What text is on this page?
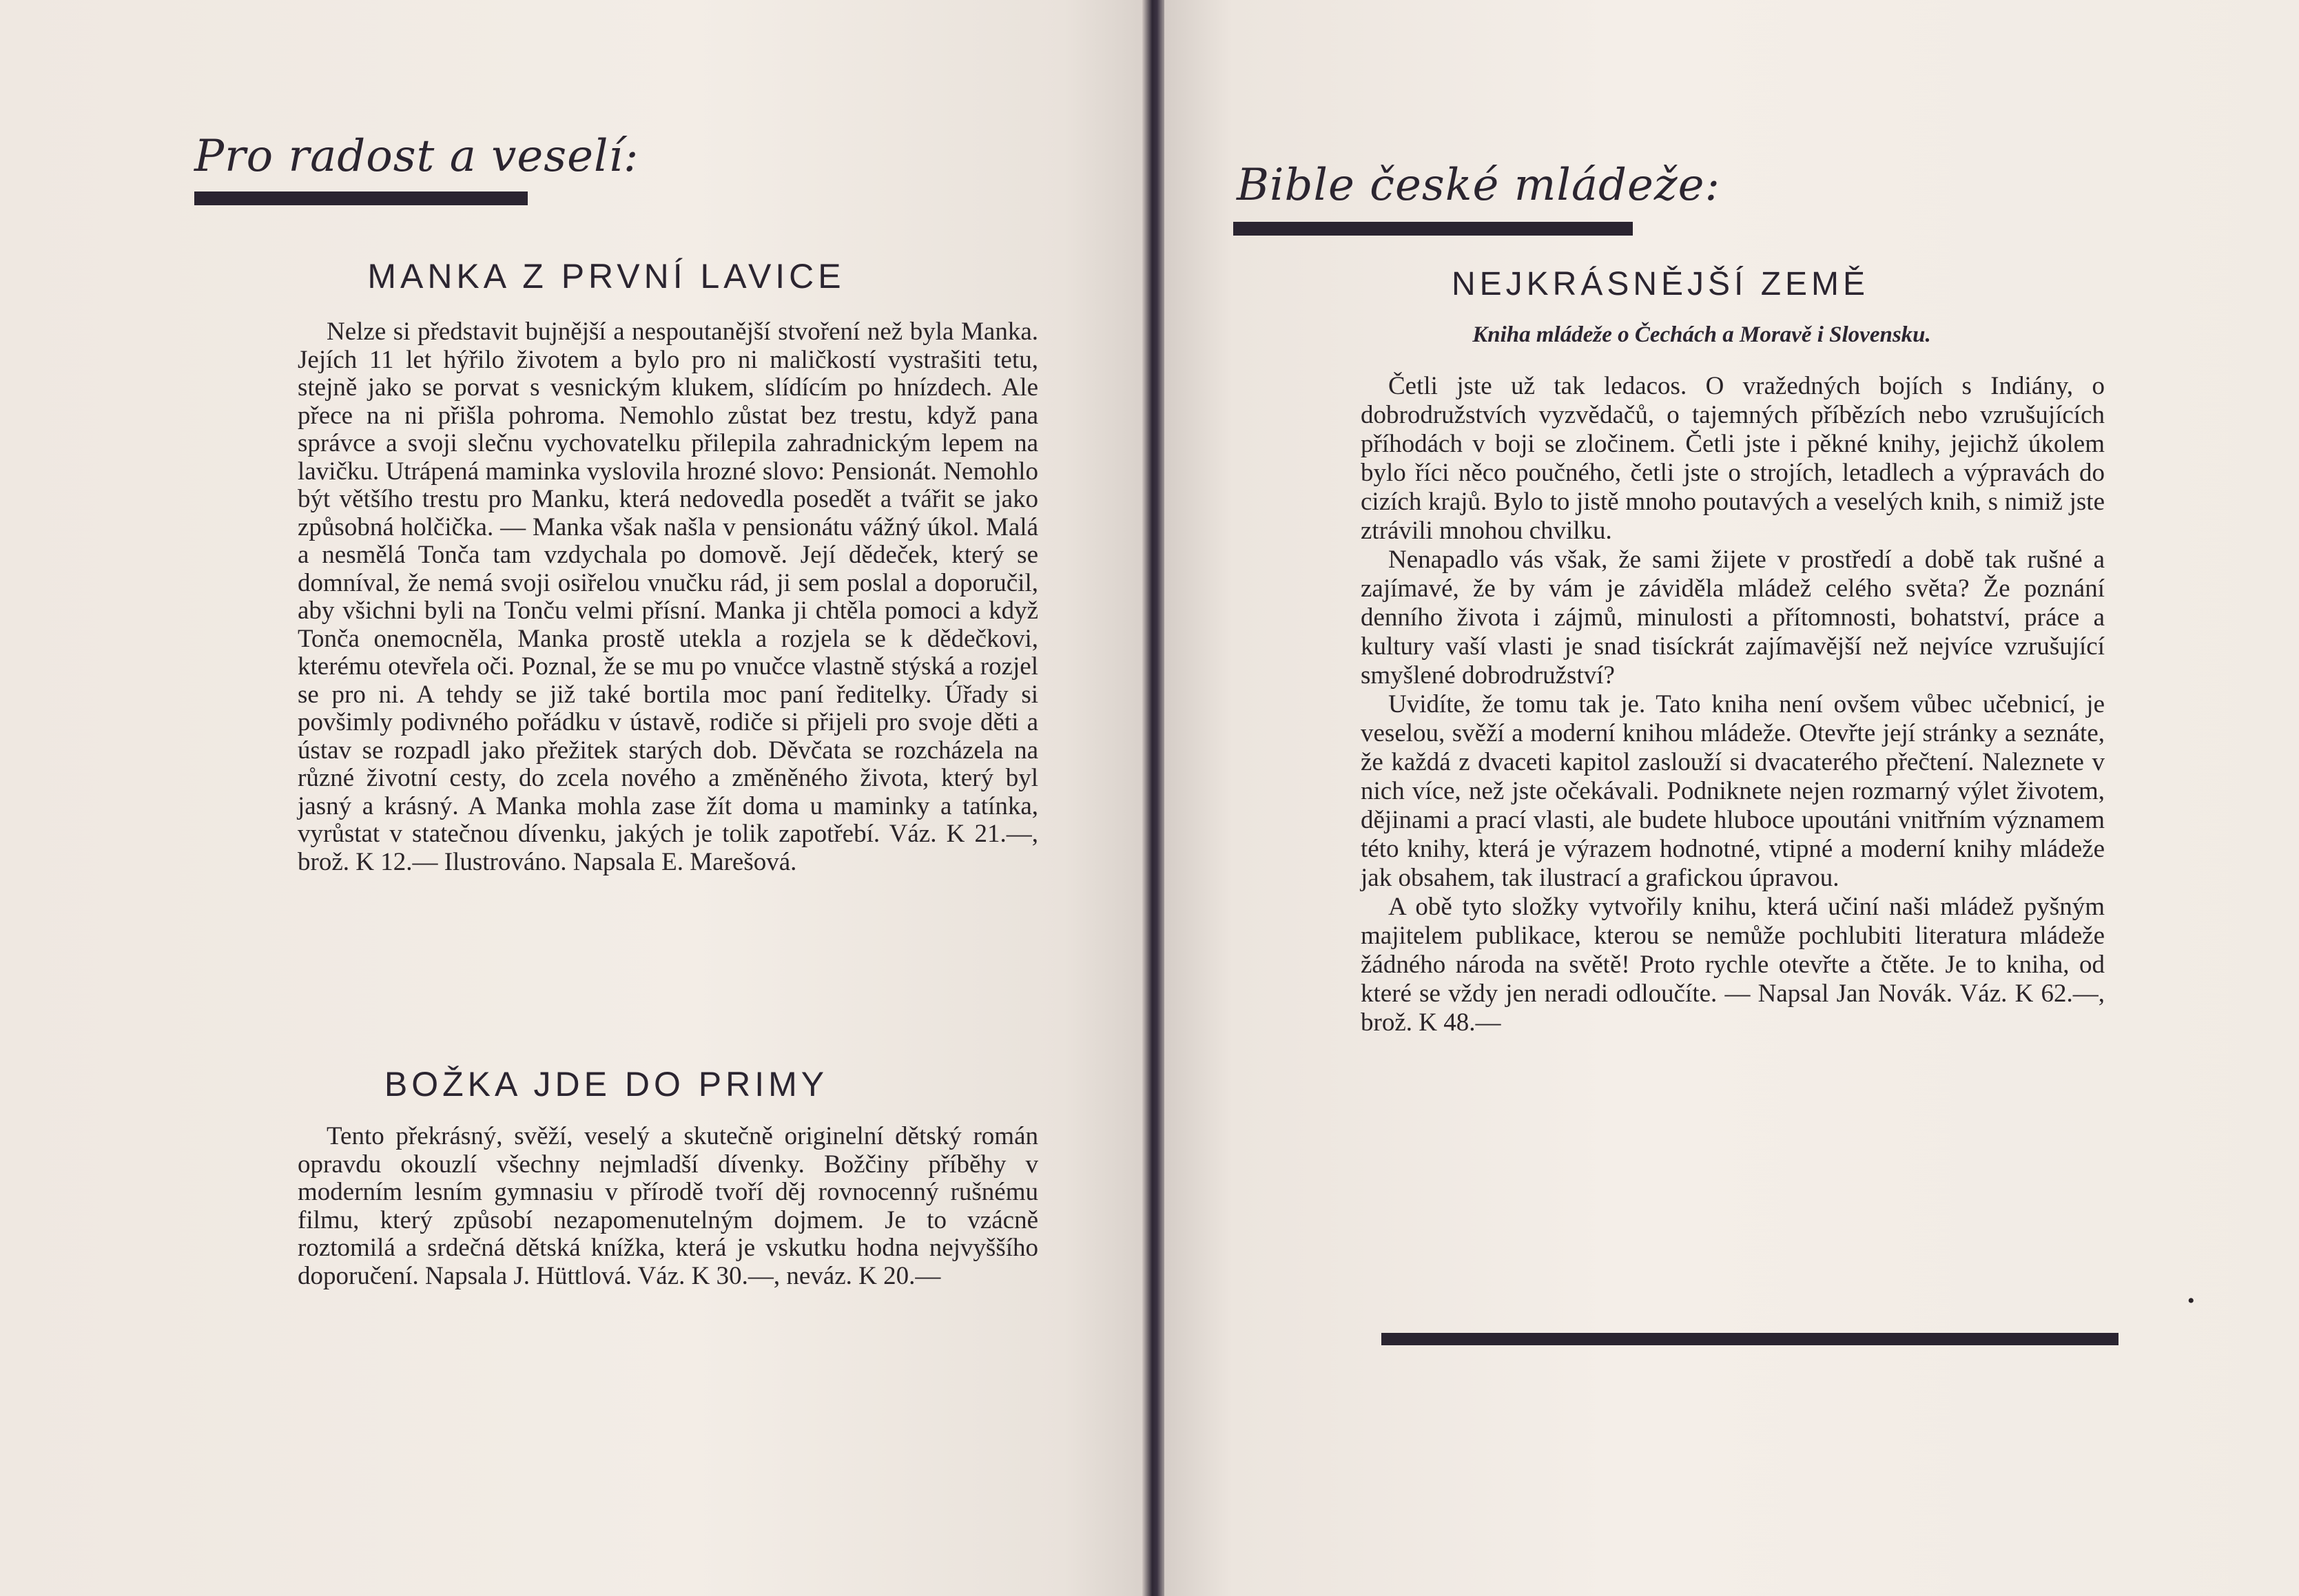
Pro radost a veselí:
MANKA Z PRVNÍ LAVICE
Nelze si představit bujnější a nespoutanější stvoření než byla Manka. Jejích 11 let hýřilo životem a bylo pro ni maličkostí vystrašiti tetu, stejně jako se porvat s vesnickým klukem, slídícím po hnízdech. Ale přece na ni přišla pohroma. Nemohlo zůstat bez trestu, když pana správce a svoji slečnu vychovatelku přilepila zahradnickým lepem na lavičku. Utrápená maminka vyslovila hrozné slovo: Pensionát. Nemohlo být většího trestu pro Manku, která nedovedla posedět a tvářit se jako způsobná holčička. — Manka však našla v pensionátu vážný úkol. Malá a nesmělá Tonča tam vzdychala po domově. Její dědeček, který se domníval, že nemá svoji osiřelou vnučku rád, ji sem poslal a doporučil, aby všichni byli na Tonču velmi přísní. Manka ji chtěla pomoci a když Tonča onemocněla, Manka prostě utekla a rozjela se k dědečkovi, kterému otevřela oči. Poznal, že se mu po vnučce vlastně stýská a rozjel se pro ni. A tehdy se již také bortila moc paní ředitelky. Úřady si povšimly podivného pořádku v ústavě, rodiče si přijeli pro svoje děti a ústav se rozpadl jako přežitek starých dob. Děvčata se rozcházela na různé životní cesty, do zcela nového a změněného života, který byl jasný a krásný. A Manka mohla zase žít doma u maminky a tatínka, vyrůstat v statečnou dívenku, jakých je tolik zapotřebí. Váz. K 21.—, brož. K 12.— Ilustrováno. Napsala E. Marešová.
BOŽKA JDE DO PRIMY
Tento překrásný, svěží, veselý a skutečně originelní dětský román opravdu okouzlí všechny nejmladší dívenky. Božčiny příběhy v moderním lesním gymnasiu v přírodě tvoří děj rovnocenný rušnému filmu, který způsobí nezapomenutelným dojmem. Je to vzácně roztomilá a srdečná dětská knížka, která je vskutku hodna nejvyššího doporučení. Napsala J. Hüttlová. Váz. K 30.—, neváz. K 20.—
Bible české mládeže:
NEJKRÁSNĚJŠÍ ZEMĚ
Kniha mládeže o Čechách a Moravě i Slovensku.

Četli jste už tak ledacos. O vražedných bojích s Indiány, o dobrodružstvích vyzvědačů, o tajemných příbězích nebo vzrušujících příhodách v boji se zločinem. Četli jste i pěkné knihy, jejichž úkolem bylo říci něco poučného, četli jste o strojích, letadlech a výpravách do cizích krajů. Bylo to jistě mnoho poutavých a veselých knih, s nimiž jste ztrávili mnohou chvilku.

Nenapadlo vás však, že sami žijete v prostředí a době tak rušné a zajímavé, že by vám je záviděla mládež celého světa? Že poznání denního života i zájmů, minulosti a přítomnosti, bohatství, práce a kultury vaší vlasti je snad tisíckrát zajímavější než nejvíce vzrušující smyšlené dobrodružství?

Uvidíte, že tomu tak je. Tato kniha není ovšem vůbec učebnicí, je veselou, svěží a moderní knihou mládeže. Otevřte její stránky a seznáte, že každá z dvaceti kapitol zaslouží si dvacaterého přečtení. Naleznete v nich více, než jste očekávali. Podniknete nejen rozmarný výlet životem, dějinami a prací vlasti, ale budete hluboce upoutáni vnitřním významem této knihy, která je výrazem hodnotné, vtipné a moderní knihy mládeže jak obsahem, tak ilustrací a grafickou úpravou.

A obě tyto složky vytvořily knihu, která učiní naši mládež pyšným majitelem publikace, kterou se nemůže pochlubiti literatura mládeže žádného národa na světě! Proto rychle otevřte a čtěte. Je to kniha, od které se vždy jen neradi odloučíte. — Napsal Jan Novák. Váz. K 62.—, brož. K 48.—

•
